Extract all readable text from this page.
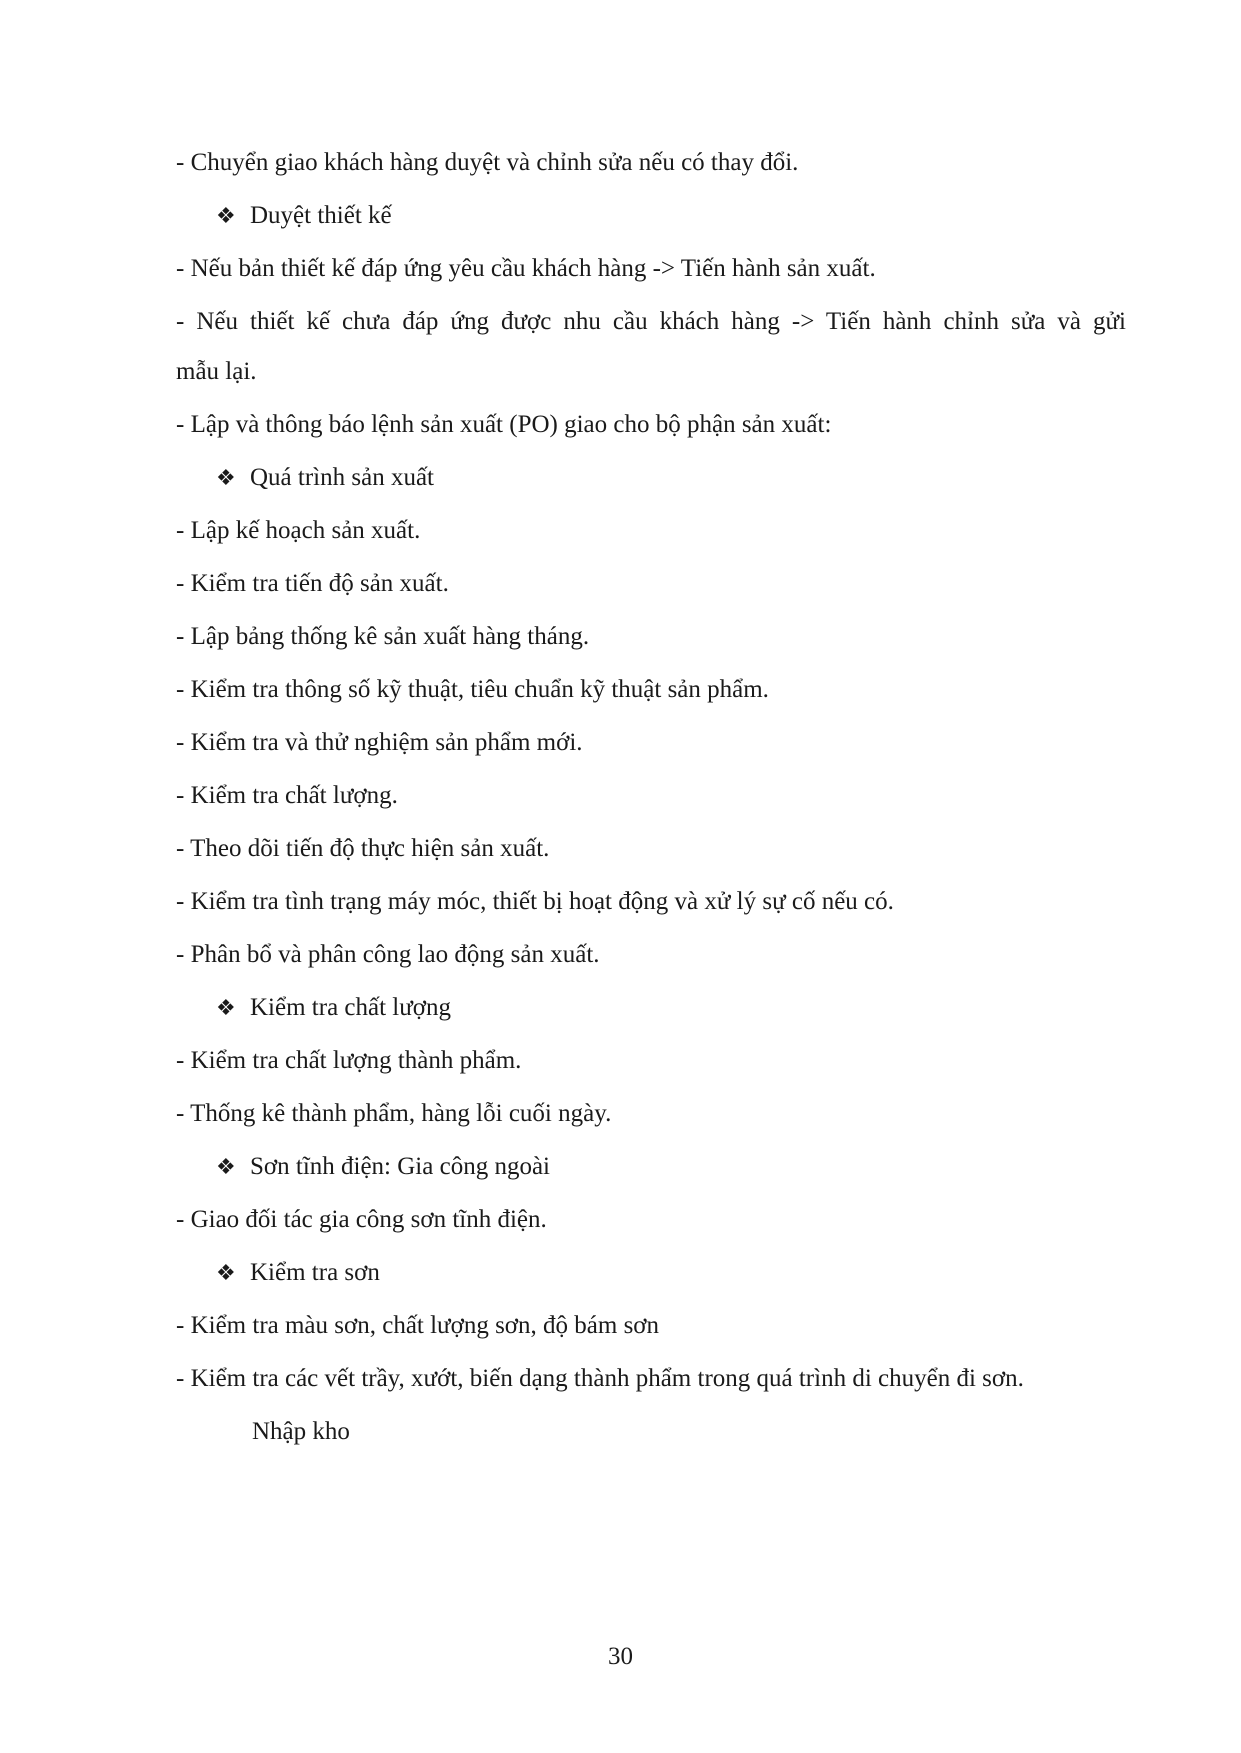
- Chuyển giao khách hàng duyệt và chỉnh sửa nếu có thay đổi.
❖ Duyệt thiết kế
- Nếu bản thiết kế đáp ứng yêu cầu khách hàng -> Tiến hành sản xuất.
- Nếu thiết kế chưa đáp ứng được nhu cầu khách hàng -> Tiến hành chỉnh sửa và gửi
mẫu lại.
- Lập và thông báo lệnh sản xuất (PO) giao cho bộ phận sản xuất:
❖ Quá trình sản xuất
- Lập kế hoạch sản xuất.
- Kiểm tra tiến độ sản xuất.
- Lập bảng thống kê sản xuất hàng tháng.
- Kiểm tra thông số kỹ thuật, tiêu chuẩn kỹ thuật sản phẩm.
- Kiểm tra và thử nghiệm sản phẩm mới.
- Kiểm tra chất lượng.
- Theo dõi tiến độ thực hiện sản xuất.
- Kiểm tra tình trạng máy móc, thiết bị hoạt động và xử lý sự cố nếu có.
- Phân bổ và phân công lao động sản xuất.
❖ Kiểm tra chất lượng
- Kiểm tra chất lượng thành phẩm.
- Thống kê thành phẩm, hàng lỗi cuối ngày.
❖ Sơn tĩnh điện: Gia công ngoài
- Giao đối tác gia công sơn tĩnh điện.
❖ Kiểm tra sơn
- Kiểm tra màu sơn, chất lượng sơn, độ bám sơn
- Kiểm tra các vết trầy, xướt, biến dạng thành phẩm trong quá trình di chuyển đi sơn.
Nhập kho
30
